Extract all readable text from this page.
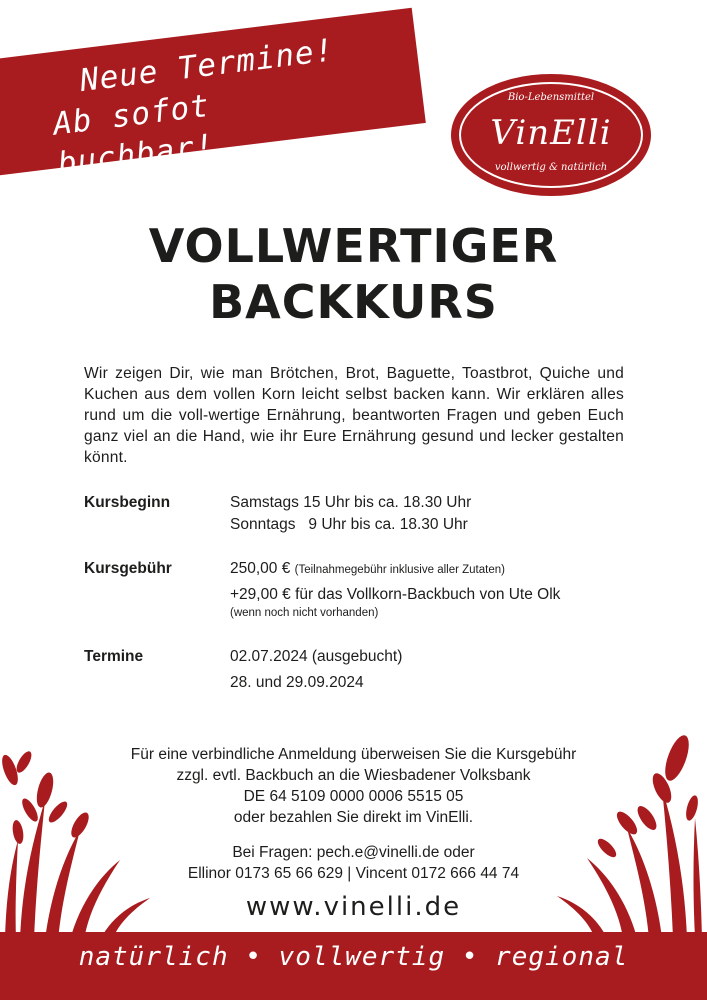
Neue Termine!
Ab sofot buchbar!
Bio-Lebensmittel
VinElli
vollwertig & natürlich
VOLLWERTIGER
BACKKURS
Wir zeigen Dir, wie man Brötchen, Brot, Baguette, Toastbrot, Quiche und Kuchen aus dem vollen Korn leicht selbst backen kann. Wir erklären alles rund um die voll-wertige Ernährung, beantworten Fragen und geben Euch ganz viel an die Hand, wie ihr Eure Ernährung gesund und lecker gestalten könnt.
Kursbeginn	Samstags 15 Uhr bis ca. 18.30 Uhr
Sonntags   9 Uhr bis ca. 18.30 Uhr
Kursgebühr	250,00 € (Teilnahmegebühr inklusive aller Zutaten)
+29,00 € für das Vollkorn-Backbuch von Ute Olk
(wenn noch nicht vorhanden)
Termine	02.07.2024 (ausgebucht)
28. und 29.09.2024
Für eine verbindliche Anmeldung überweisen Sie die Kursgebühr
zzgl. evtl. Backbuch an die Wiesbadener Volksbank
DE 64 5109 0000 0006 5515 05
oder bezahlen Sie direkt im VinElli.
Bei Fragen: pech.e@vinelli.de oder
Ellinor 0173 65 66 629 | Vincent 0172 666 44 74
www.vinelli.de
natürlich • vollwertig • regional
